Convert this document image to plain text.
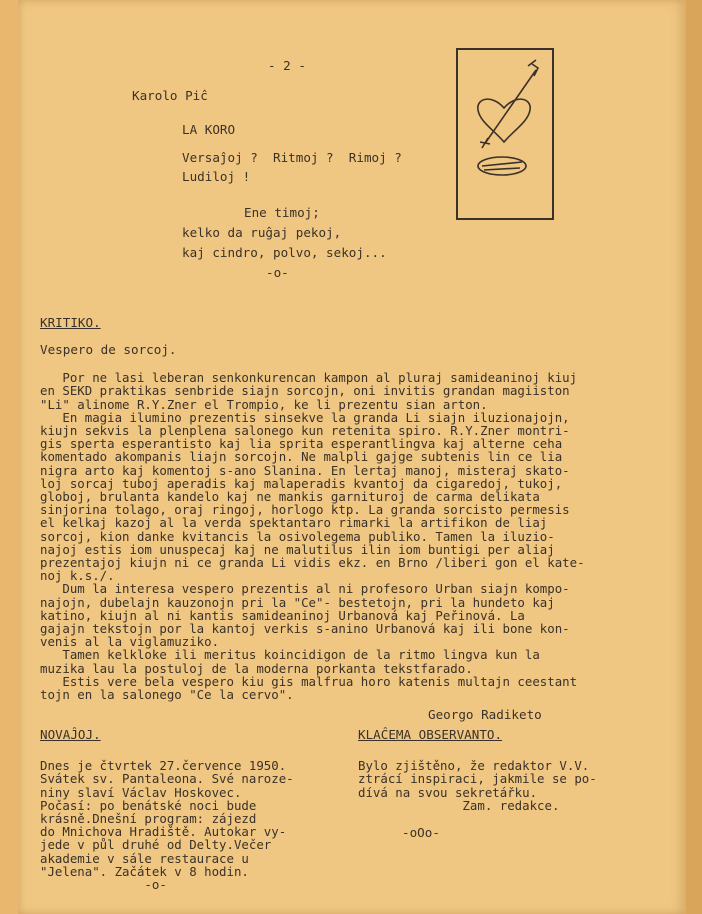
- 2 -
Karolo Piĉ
LA KORO
Versaĵoj ?  Ritmoj ?  Rimoj ?
Ludiloj !
Ene timoj;
kelko da ruĝaj pekoj,
kaj cindro, polvo, sekoj...
-o-
KRITIKO.
Vespero de sorcoj.

Por ne lasi leberan senkonkurencan kampon al pluraj samideaninoj kiuj
en SEKD praktikas senbride siajn sorcojn, oni invitis grandan magiiston
"Li" alinome R.Y.Zner el Trompio, ke li prezentu sian arton.
En magia ilumino prezentis sinsekve la granda Li siajn iluzionajojn,
kiujn sekvis la plenplena salonego kun retenita spiro. R.Y.Zner montri-
gis sperta esperantisto kaj lia sprita esperantlingva kaj alterne ceha
komentado akompanis liajn sorcojn. Ne malpli gajge subtenis lin ce lia
nigra arto kaj komentoj s-ano Slanina. En lertaj manoj, misteraj skato-
loj sorcaj tuboj aperadis kaj malaperadis kvantoj da cigaredoj, tukoj,
globoj, brulanta kandelo kaj ne mankis garnituroj de carma delikata
sinjorina tolago, oraj ringoj, horlogo ktp. La granda sorcisto permesis
el kelkaj kazoj al la verda spektantaro rimarki la artifikon de liaj
sorcoj, kion danke kvitancis la osivolegema publiko. Tamen la iluzio-
najoj estis iom unuspecaj kaj ne malutilus ilin iom buntigi per aliaj
prezentajoj kiujn ni ce granda Li vidis ekz. en Brno /liberi gon el kate-
noj k.s./.
Dum la interesa vespero prezentis al ni profesoro Urban siajn kompo-
najojn, dubelajn kauzonojn pri la "Ce"- bestetojn, pri la hundeto kaj
katino, kiujn al ni kantis samideaninoj Urbanová kaj Peřinová. La
gajajn tekstojn por la kantoj verkis s-anino Urbanová kaj ili bone kon-
venis al la viglamuziko.
Tamen kelkloke ili meritus koincidigon de la ritmo lingva kun la
muzika lau la postuloj de la moderna porkanta tekstfarado.
Estis vere bela vespero kiu gis malfrua horo katenis multajn ceestant
tojn en la salonego "Ce la cervo".

Georgo Radiketo
NOVAĴOJ.

Dnes je čtvrtek 27.července 1950.
Svátek sv. Pantaleona. Své naroze-
niny slaví Václav Hoskovec.
Počasí: po benátské noci bude
krásně.Dnešní program: zájezd
do Mnichova Hradiště. Autokar vy-
jede v půl druhé od Delty.Večer
akademie v sále restaurace u
"Jelena". Začátek v 8 hodin.
-o-

KLAĈEMA OBSERVANTO.

Bylo zjištěno, že redaktor V.V.
ztrácí inspiraci, jakmile se po-
dívá na svou sekretářku.
Zam. redakce.

-oOo-
